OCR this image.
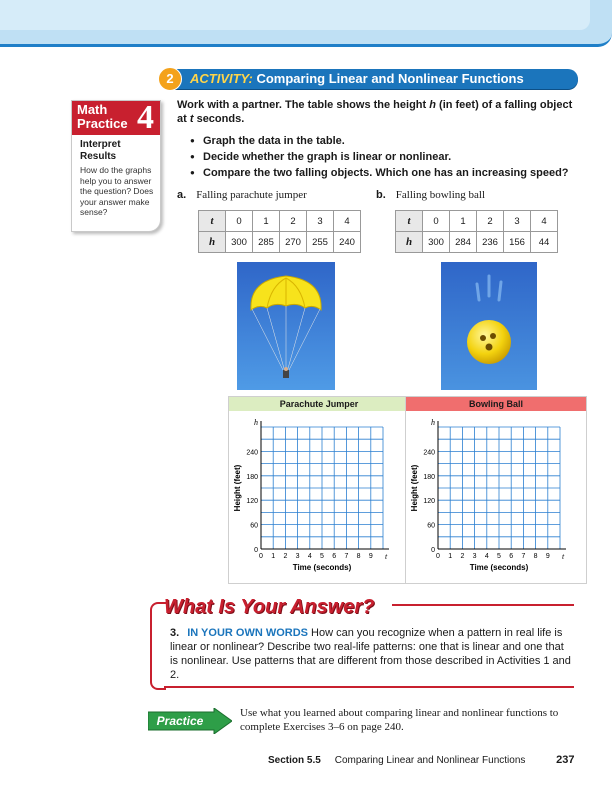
2	ACTIVITY: Comparing Linear and Nonlinear Functions
Math Practice 4
Interpret Results
How do the graphs help you to answer the question? Does your answer make sense?
Work with a partner. The table shows the height h (in feet) of a falling object at t seconds.
● Graph the data in the table.
● Decide whether the graph is linear or nonlinear.
● Compare the two falling objects. Which one has an increasing speed?
a. Falling parachute jumper	b. Falling bowling ball
t	0	1	2	3	4
h	300	285	270	255	240
t	0	1	2	3	4
h	300	284	236	156	44
Parachute Jumper
h
t
0
60
120
180
240
0 1 2 3 4 5 6 7 8 9
Height (feet)
Time (seconds)
Bowling Ball
h
t
0
60
120
180
240
0 1 2 3 4 5 6 7 8 9
Height (feet)
Time (seconds)
What Is Your Answer?
3. IN YOUR OWN WORDS How can you recognize when a pattern in real life is linear or nonlinear? Describe two real-life patterns: one that is linear and one that is nonlinear. Use patterns that are different from those described in Activities 1 and 2.
Practice
Use what you learned about comparing linear and nonlinear functions to complete Exercises 3–6 on page 240.
Section 5.5 Comparing Linear and Nonlinear Functions	237
